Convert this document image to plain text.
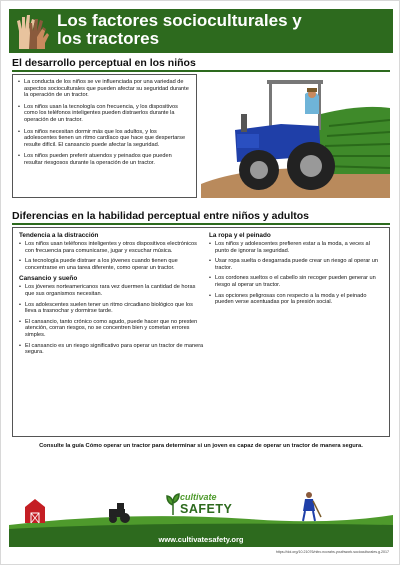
Los factores socioculturales y
los tractores
El desarrollo perceptual en los niños
• La conducta de los niños se ve influenciada por una variedad de aspectos socioculturales que pueden afectar su seguridad durante la operación de un tractor.
• Los niños usan la tecnología con frecuencia, y los dispositivos como los teléfonos inteligentes pueden distraerlos durante la operación de un tractor.
• Los niños necesitan dormir más que los adultos, y los adolescentes tienen un ritmo cardíaco que hace que despertarse resulte difícil. El cansancio puede afectar la seguridad.
• Los niños pueden preferir atuendos y peinados que pueden resultar riesgosos durante la operación de un tractor.
Diferencias en la habilidad perceptual entre niños y adultos
Tendencia a la distracción
• Los niños usan teléfonos inteligentes y otros dispositivos electrónicos con frecuencia para comunicarse, jugar y escuchar música.
• La tecnología puede distraer a los jóvenes cuando tienen que concentrarse en una tarea diferente, como operar un tractor.
Cansancio y sueño
• Los jóvenes norteamericanos rara vez duermen la cantidad de horas que sus organismos necesitan.
• Los adolescentes suelen tener un ritmo circadiano biológico que los lleva a trasnochar y dormirse tarde.
• El cansancio, tanto crónico como agudo, puede hacer que no presten atención, corran riesgos, no se concentren bien y cometan errores simples.
• El cansancio es un riesgo significativo para operar un tractor de manera segura.
La ropa y el peinado
• Los niños y adolescentes prefieren estar a la moda, a veces al punto de ignorar la seguridad.
• Usar ropa suelta o desgarrada puede crear un riesgo al operar un tractor.
• Los cordones sueltos o el cabello sin recoger pueden generar un riesgo al operar un tractor.
• Las opciones peligrosas con respecto a la moda y el peinado pueden verse acentuadas por la presión social.
Consulte la guía Cómo operar un tractor para determinar si un joven es capaz de operar un tractor de manera segura.
cultivate
SAFETY
www.cultivatesafety.org
https://doi.org/10.21076/nitrc.nccrahs.youthwork.socioculturales.g.2017
